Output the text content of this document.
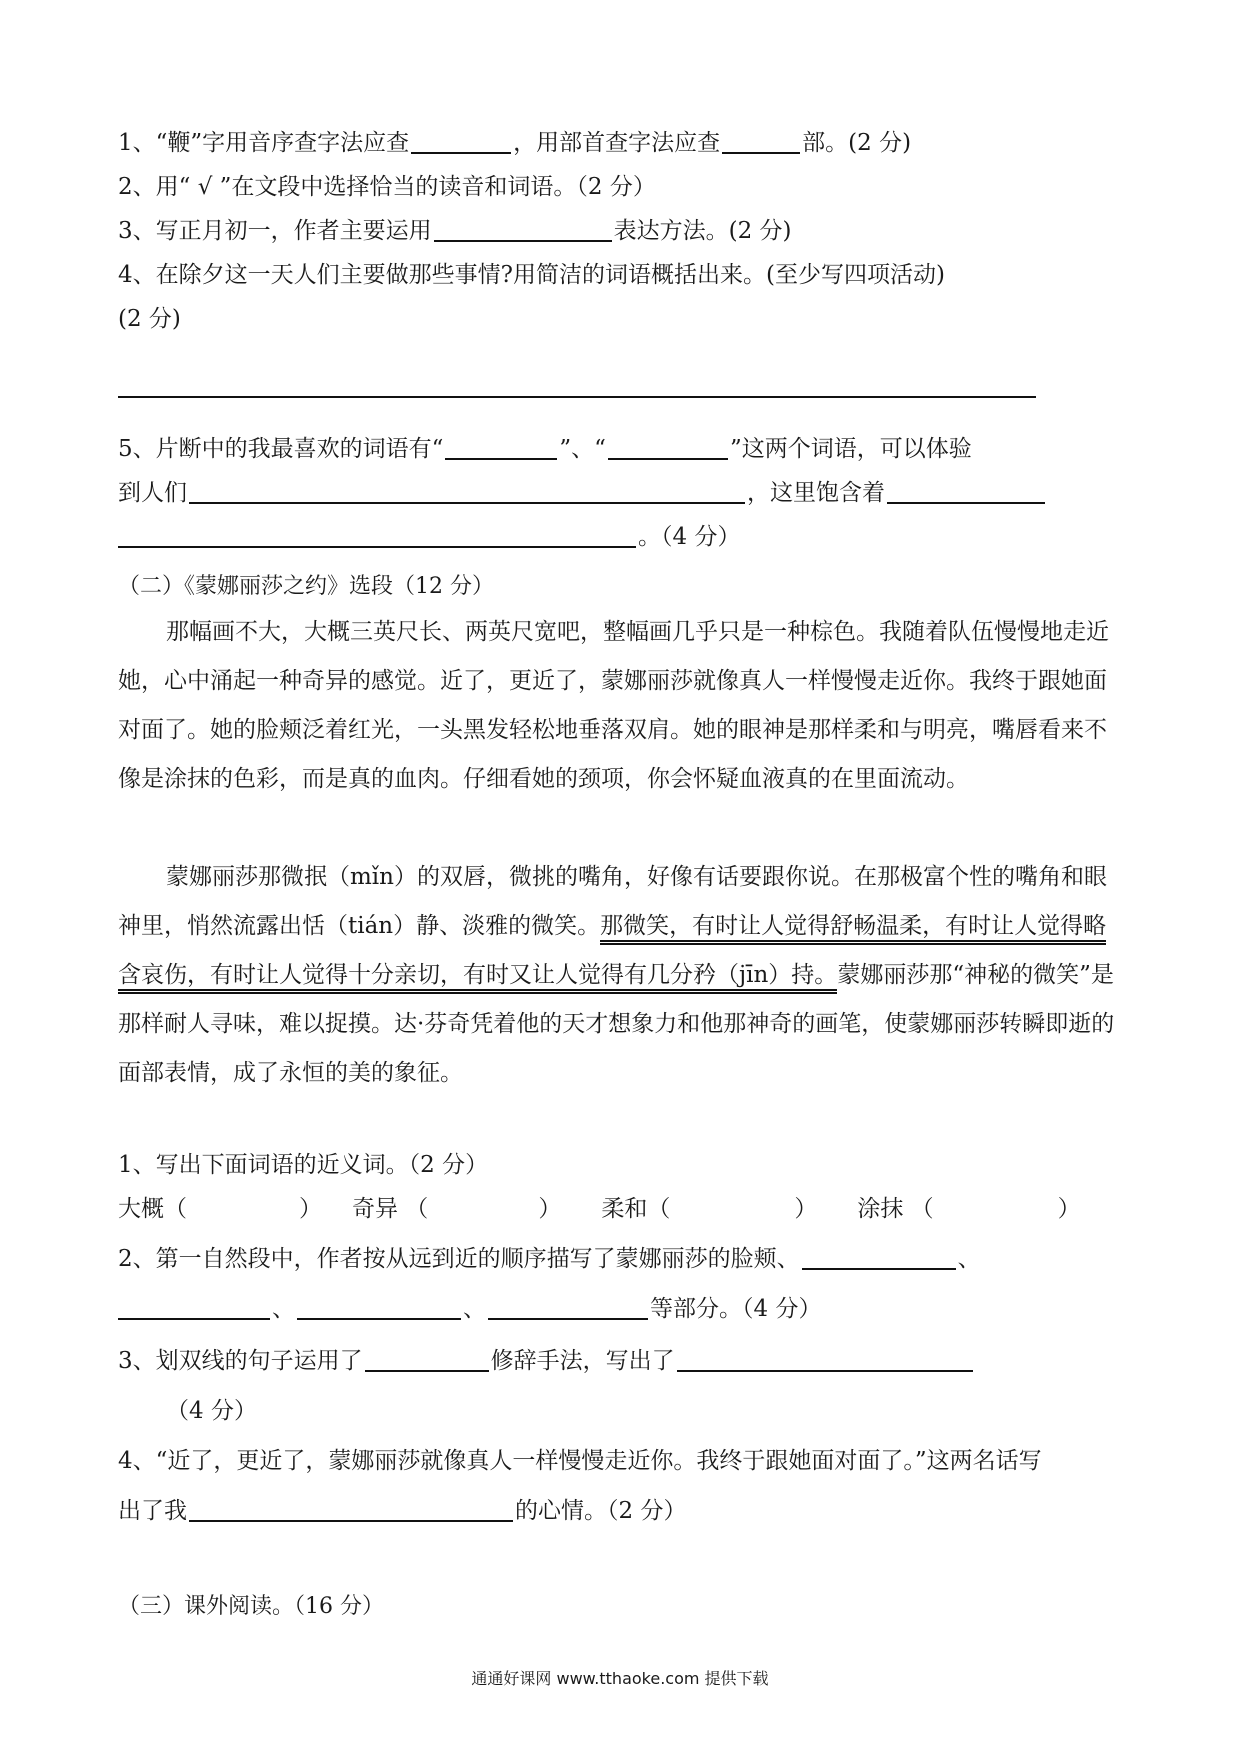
1、“鞭”字用音序查字法应查	，用部首查字法应查	部。(2 分)
2、用“ √ ”在文段中选择恰当的读音和词语。（2 分）
3、写正月初一，作者主要运用	表达方法。(2 分)
4、在除夕这一天人们主要做那些事情?用简洁的词语概括出来。(至少写四项活动)
(2 分)
5、片断中的我最喜欢的词语有“	”、“	”这两个词语，可以体验
到人们	，这里饱含着
。（4 分）
（二）《蒙娜丽莎之约》选段（12 分）
那幅画不大，大概三英尺长、两英尺宽吧，整幅画几乎只是一种棕色。我随着队伍慢慢地走近她，心中涌起一种奇异的感觉。近了，更近了，蒙娜丽莎就像真人一样慢慢走近你。我终于跟她面对面了。她的脸颊泛着红光，一头黑发轻松地垂落双肩。她的眼神是那样柔和与明亮，嘴唇看来不像是涂抹的色彩，而是真的血肉。仔细看她的颈项，你会怀疑血液真的在里面流动。
蒙娜丽莎那微抿（mǐn）的双唇，微挑的嘴角，好像有话要跟你说。在那极富个性的嘴角和眼神里，悄然流露出恬（tián）静、淡雅的微笑。那微笑，有时让人觉得舒畅温柔，有时让人觉得略含哀伤，有时让人觉得十分亲切，有时又让人觉得有几分矜（jīn）持。蒙娜丽莎那“神秘的微笑”是那样耐人寻味，难以捉摸。达·芬奇凭着他的天才想象力和他那神奇的画笔，使蒙娜丽莎转瞬即逝的面部表情，成了永恒的美的象征。
1、写出下面词语的近义词。（2 分）
大概（	） 奇异 （	） 柔和（	） 涂抹 （	）
2、第一自然段中，作者按从远到近的顺序描写了蒙娜丽莎的脸颊、	、
、	、	等部分。（4 分）
3、划双线的句子运用了	修辞手法，写出了
（4 分）
4、“近了，更近了，蒙娜丽莎就像真人一样慢慢走近你。我终于跟她面对面了。”这两名话写
出了我	的心情。（2 分）
（三）课外阅读。（16 分）
通通好课网 www.tthaoke.com 提供下载
